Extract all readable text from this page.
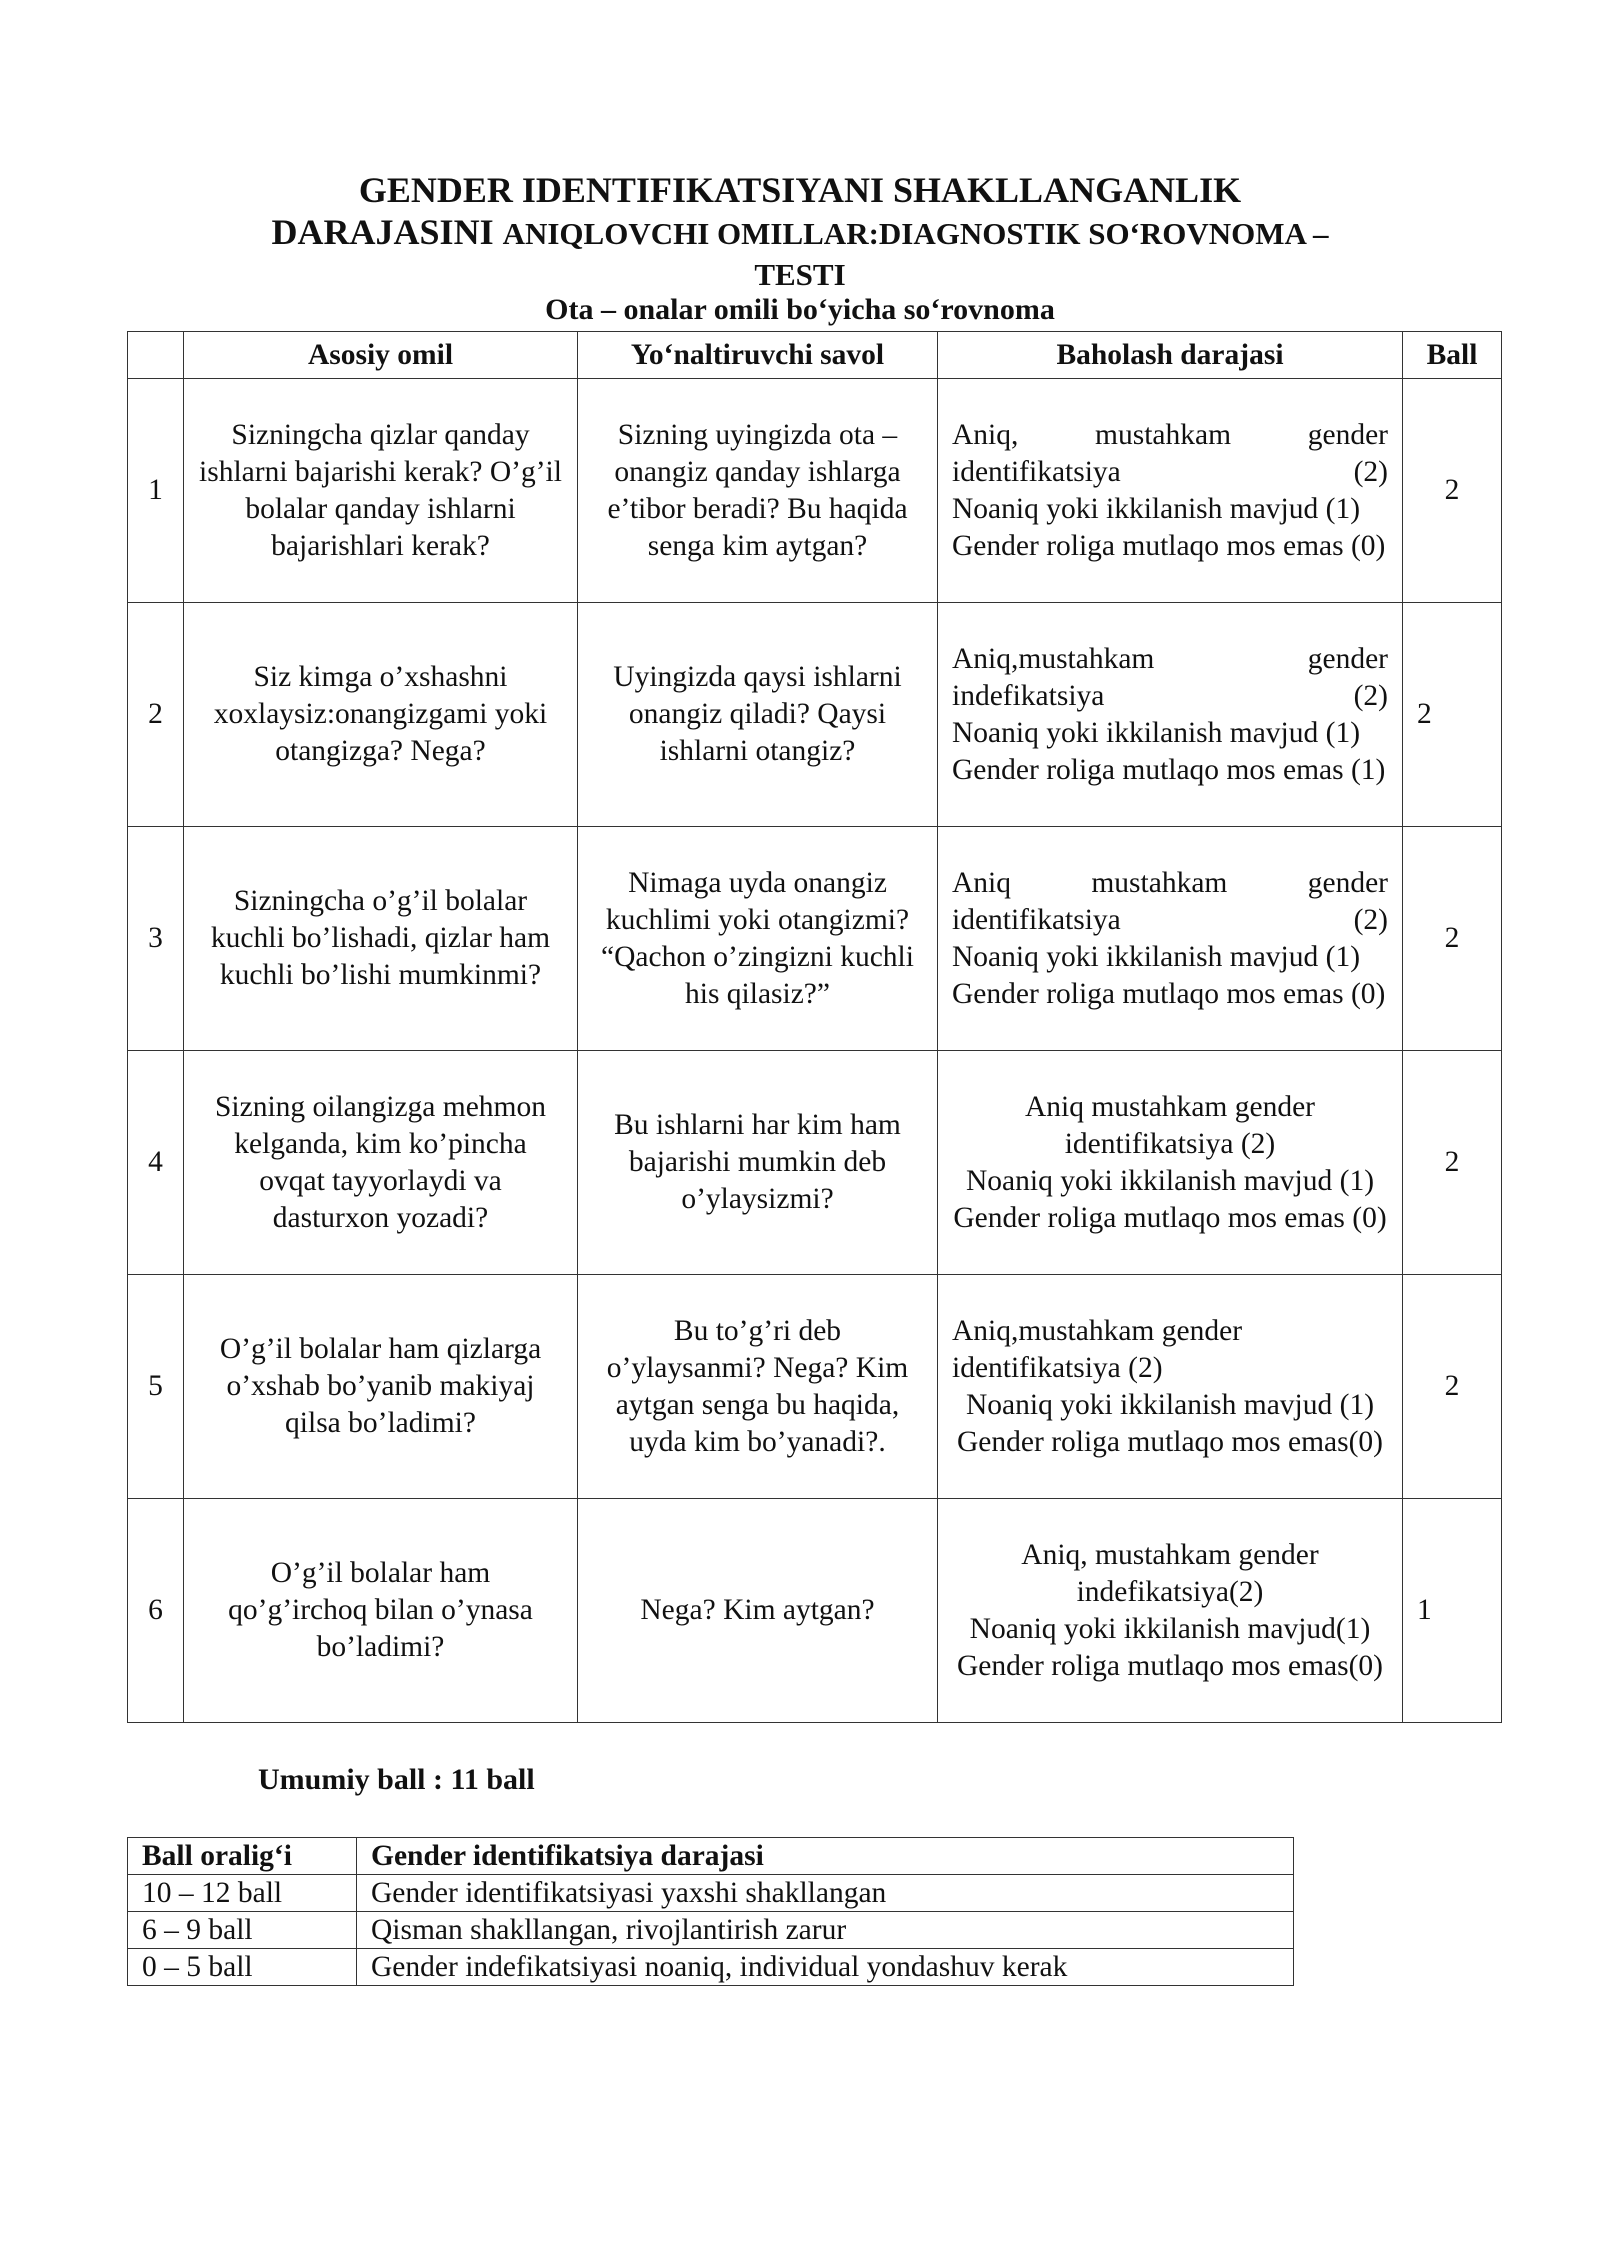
GENDER IDENTIFIKATSIYANI SHAKLLANGANLIK
DARAJASINI ANIQLOVCHI OMILLAR:DIAGNOSTIK SO‘ROVNOMA –
TESTI
Ota – onalar omili bo‘yicha so‘rovnoma
	Asosiy omil	Yo‘naltiruvchi savol	Baholash darajasi	Ball
1	Sizningcha qizlar qanday ishlarni bajarishi kerak? O’g’il bolalar qanday ishlarni bajarishlari kerak?	Sizning uyingizda ota – onangiz qanday ishlarga e’tibor beradi? Bu haqida senga kim aytgan?	Aniq, mustahkam gender identifikatsiya (2)
Noaniq yoki ikkilanish mavjud (1)
Gender roliga mutlaqo mos emas (0)	2
2	Siz kimga o’xshashni xoxlaysiz:onangizgami yoki otangizga? Nega?	Uyingizda qaysi ishlarni onangiz qiladi? Qaysi ishlarni otangiz?	Aniq,mustahkam gender indefikatsiya (2)
Noaniq yoki ikkilanish mavjud (1)
Gender roliga mutlaqo mos emas (1)	2
3	Sizningcha o’g’il bolalar kuchli bo’lishadi, qizlar ham kuchli bo’lishi mumkinmi?	Nimaga uyda onangiz kuchlimi yoki otangizmi? “Qachon o’zingizni kuchli his qilasiz?”	Aniq mustahkam gender identifikatsiya (2)
Noaniq yoki ikkilanish mavjud (1)
Gender roliga mutlaqo mos emas (0)	2
4	Sizning oilangizga mehmon kelganda, kim ko’pincha ovqat tayyorlaydi va dasturxon yozadi?	Bu ishlarni har kim ham bajarishi mumkin deb o’ylaysizmi?	Aniq mustahkam gender identifikatsiya (2)
Noaniq yoki ikkilanish mavjud (1)
Gender roliga mutlaqo mos emas (0)	2
5	O’g’il bolalar ham qizlarga o’xshab bo’yanib makiyaj qilsa bo’ladimi?	Bu to’g’ri deb o’ylaysanmi? Nega? Kim aytgan senga bu haqida, uyda kim bo’yanadi?.	Aniq,mustahkam gender identifikatsiya (2)
Noaniq yoki ikkilanish mavjud (1)
Gender roliga mutlaqo mos emas(0)	2
6	O’g’il bolalar ham qo’g’irchoq bilan o’ynasa bo’ladimi?	Nega? Kim aytgan?	Aniq, mustahkam gender indefikatsiya(2)
Noaniq yoki ikkilanish mavjud(1)
Gender roliga mutlaqo mos emas(0)	1
Umumiy ball : 11 ball
Ball oralig‘i	Gender identifikatsiya darajasi
10 – 12 ball	Gender identifikatsiyasi yaxshi shakllangan
6 – 9 ball	Qisman shakllangan, rivojlantirish zarur
0 – 5 ball	Gender indefikatsiyasi noaniq, individual yondashuv kerak
